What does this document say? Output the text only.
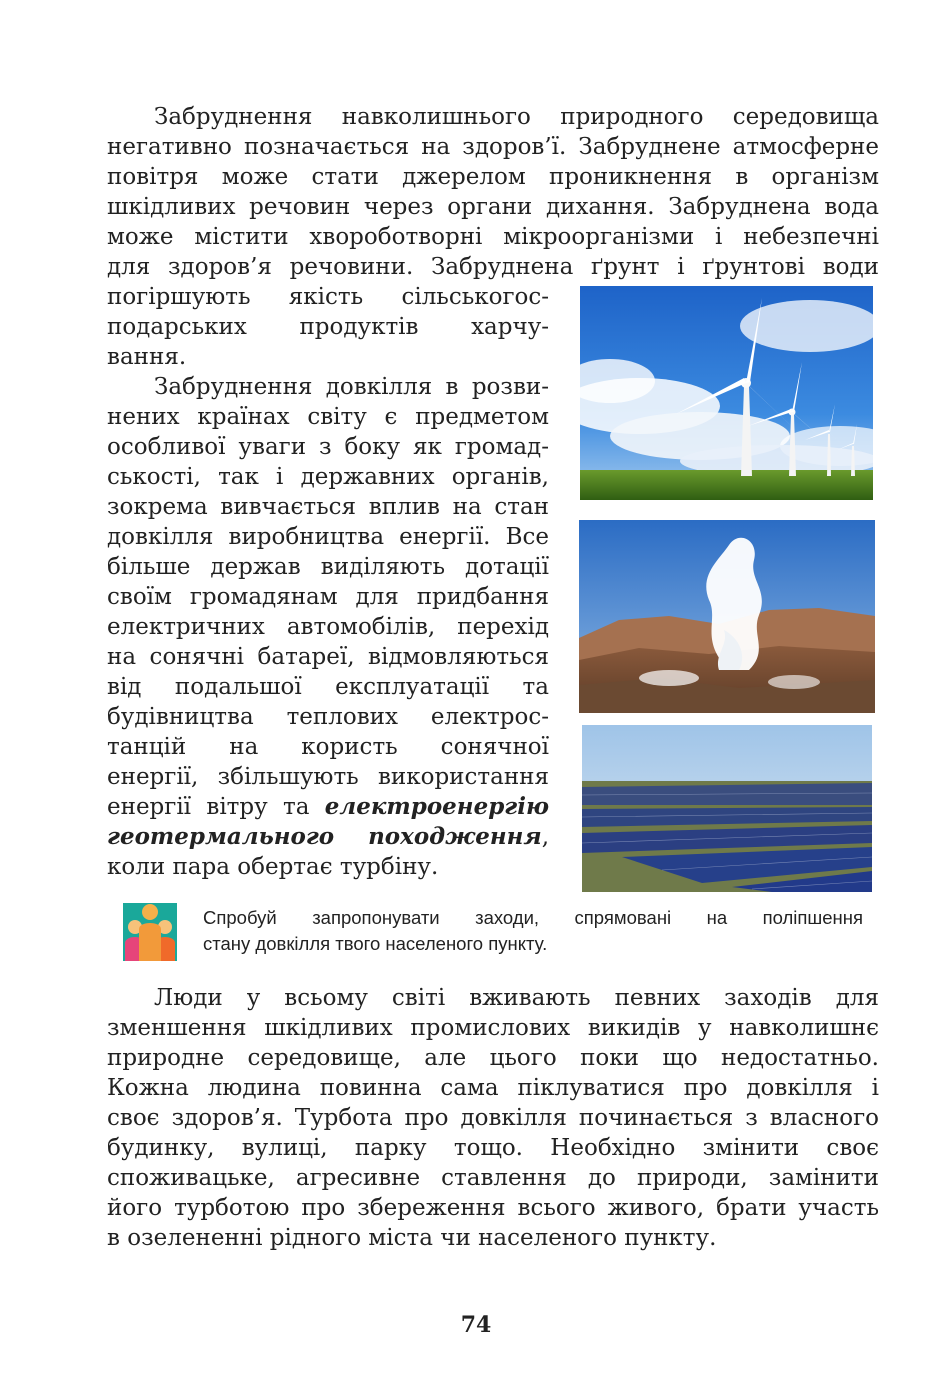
Забруднення навколишнього природного середовища
негативно позначається на здоров’ї. Забруднене атмосферне
повітря може стати джерелом проникнення в організм
шкідливих речовин через органи дихання. Забруднена вода
може містити хвороботворні мікроорганізми і небезпечні
для здоров’я речовини. Забруднена ґрунт і ґрунтові води
погіршують якість сільськогос-
подарських продуктів харчу-
вання.
Забруднення довкілля в розви-
нених країнах світу є предметом
особливої уваги з боку як громад-
ськості, так і державних органів,
зокрема вивчається вплив на стан
довкілля виробництва енергії. Все
більше держав виділяють дотації
своїм громадянам для придбання
електричних автомобілів, перехід
на сонячні батареї, відмовляються
від подальшої експлуатації та
будівництва теплових електрос-
танцій на користь сонячної
енергії, збільшують використання
енергії вітру та електроенергію
геотермального походження,
коли пара обертає турбіну.
Спробуй запропонувати заходи, спрямовані на поліпшення
стану довкілля твого населеного пункту.
Люди у всьому світі вживають певних заходів для
зменшення шкідливих промислових викидів у навколишнє
природне середовище, але цього поки що недостатньо.
Кожна людина повинна сама піклуватися про довкілля і
своє здоров’я. Турбота про довкілля починається з власного
будинку, вулиці, парку тощо. Необхідно змінити своє
споживацьке, агресивне ставлення до природи, замінити
його турботою про збереження всього живого, брати участь
в озелененні рідного міста чи населеного пункту.
74
